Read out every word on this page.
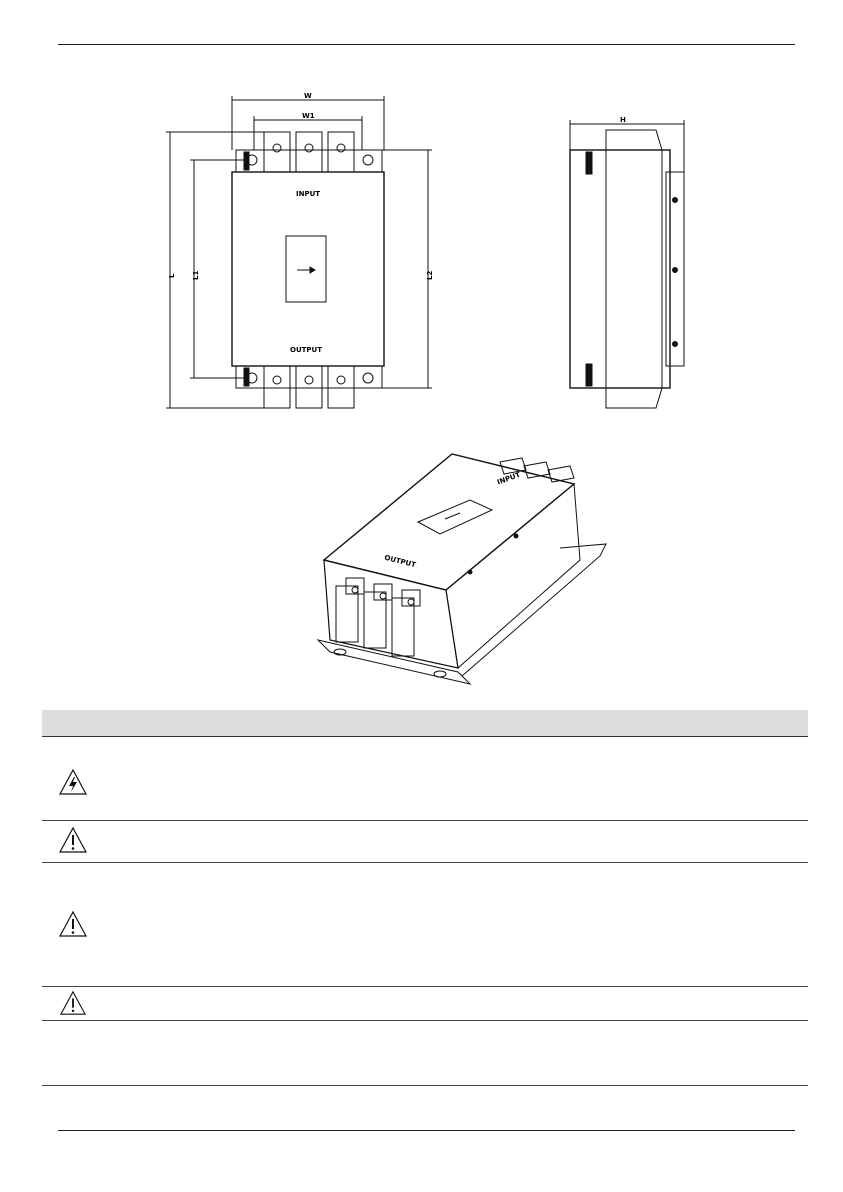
INPUT
OUTPUT
W
W1
L L1	L2
H
INPUT
OUTPUT
